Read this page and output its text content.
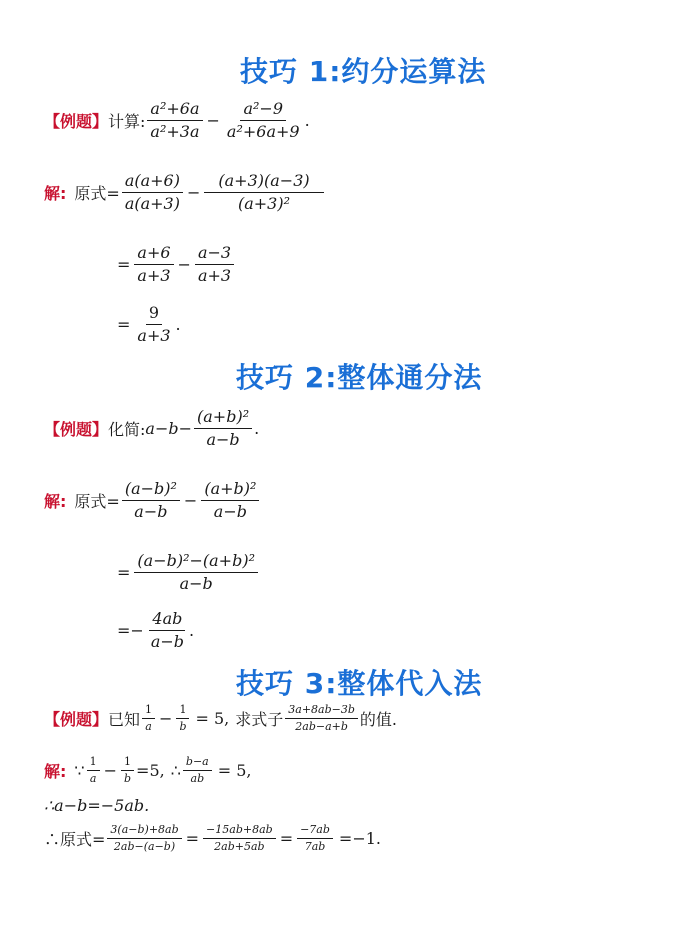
技巧 1:约分运算法
【例题】 计算: $\frac{\text{a²+6a}}{\text{a²+3a}} - \frac{\text{a²−9}}{\text{a²+6a+9}}$ .
解: 原式= $\frac{a(a+6)}{a(a+3)} - \frac{(a+3)(a-3)}{\text{(a+3)²}}$
= $\frac{a+6}{a+3} - \frac{a-3}{a+3}$
= $\frac{9}{a+3}$ .
技巧 2:整体通分法
【例题】 化简: $a-b- \frac{\text{(a+b)²}}{a-b}$ .
解: 原式= $\frac{\text{(a−b)²}}{a-b} - \frac{\text{(a+b)²}}{a-b}$
= $\frac{\text{(a−b)²−(a+b)²}}{a-b}$
=− $\frac{4ab}{a-b}$ .
技巧 3:整体代入法
【例题】 已知 $\frac{1}{a} - \frac{1}{b} = 5$, 求式子 $\frac{3a+8ab-3b}{2ab-a+b}$ 的值.
解: ∵ $\frac{1}{a} - \frac{1}{b} =5$, ∴ $\frac{b-a}{ab} = 5$,
∴a−b=−5ab.
∴原式= $\frac{3(a-b)+8ab}{2ab-(a-b)} = \frac{-15ab+8ab}{2ab+5ab} = \frac{-7ab}{7ab} =-1$.
